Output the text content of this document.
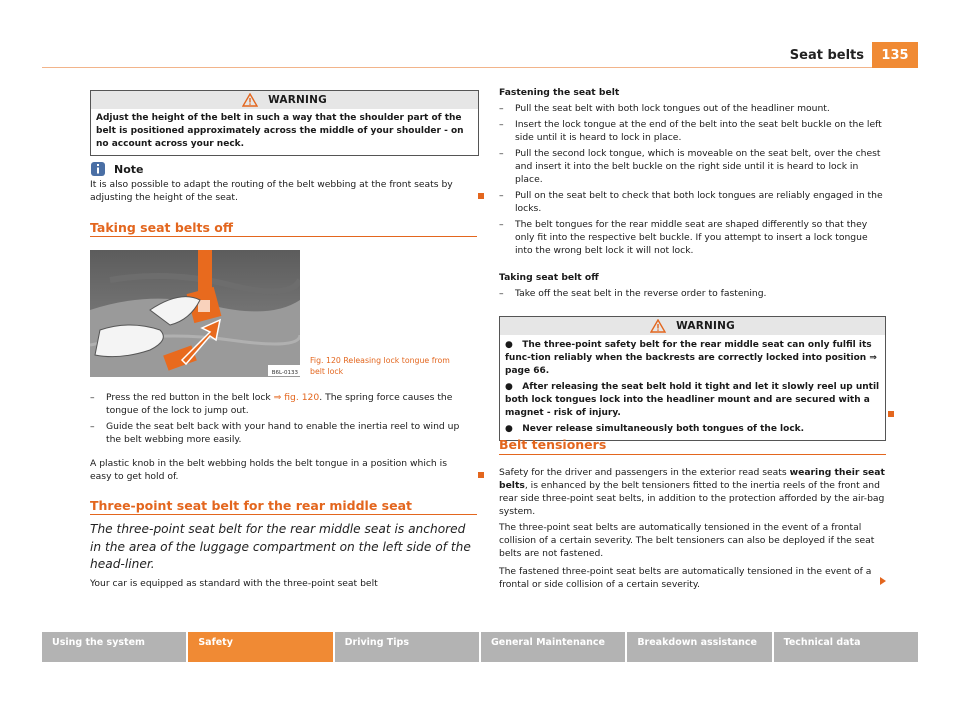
Seat belts	135
WARNING
Adjust the height of the belt in such a way that the shoulder part of the belt is positioned approximately across the middle of your shoulder - on no account across your neck.
Note
It is also possible to adapt the routing of the belt webbing at the front seats by adjusting the height of the seat.
Taking seat belts off
B6L-0133
Fig. 120 Releasing lock tongue from
belt lock
–	Press the red button in the belt lock ⇒ fig. 120. The spring force causes the tongue of the lock to jump out.
–	Guide the seat belt back with your hand to enable the inertia reel to wind up the belt webbing more easily.
A plastic knob in the belt webbing holds the belt tongue in a position which is easy to get hold of.
Three-point seat belt for the rear middle seat
The three-point seat belt for the rear middle seat is anchored in the area of the luggage compartment on the left side of the head-liner.
Your car is equipped as standard with the three-point seat belt
Fastening the seat belt
–	Pull the seat belt with both lock tongues out of the headliner mount.
–	Insert the lock tongue at the end of the belt into the seat belt buckle on the left side until it is heard to lock in place.
–	Pull the second lock tongue, which is moveable on the seat belt, over the chest and insert it into the belt buckle on the right side until it is heard to lock in place.
–	Pull on the seat belt to check that both lock tongues are reliably engaged in the locks.
–	The belt tongues for the rear middle seat are shaped differently so that they only fit into the respective belt buckle. If you attempt to insert a lock tongue into the wrong belt lock it will not lock.
Taking seat belt off
–	Take off the seat belt in the reverse order to fastening.
WARNING
●   The three-point safety belt for the rear middle seat can only fulfil its func-tion reliably when the backrests are correctly locked into position ⇒ page 66.
●   After releasing the seat belt hold it tight and let it slowly reel up until both lock tongues lock into the headliner mount and are secured with a magnet - risk of injury.
●   Never release simultaneously both tongues of the lock.
Belt tensioners
Safety for the driver and passengers in the exterior read seats wearing their seat belts, is enhanced by the belt tensioners fitted to the inertia reels of the front and rear side three-point seat belts, in addition to the protection afforded by the air-bag system.
The three-point seat belts are automatically tensioned in the event of a frontal collision of a certain severity. The belt tensioners can also be deployed if the seat belts are not fastened.
The fastened three-point seat belts are automatically tensioned in the event of a frontal or side collision of a certain severity.
Using the system	Safety	Driving Tips	General Maintenance	Breakdown assistance	Technical data
